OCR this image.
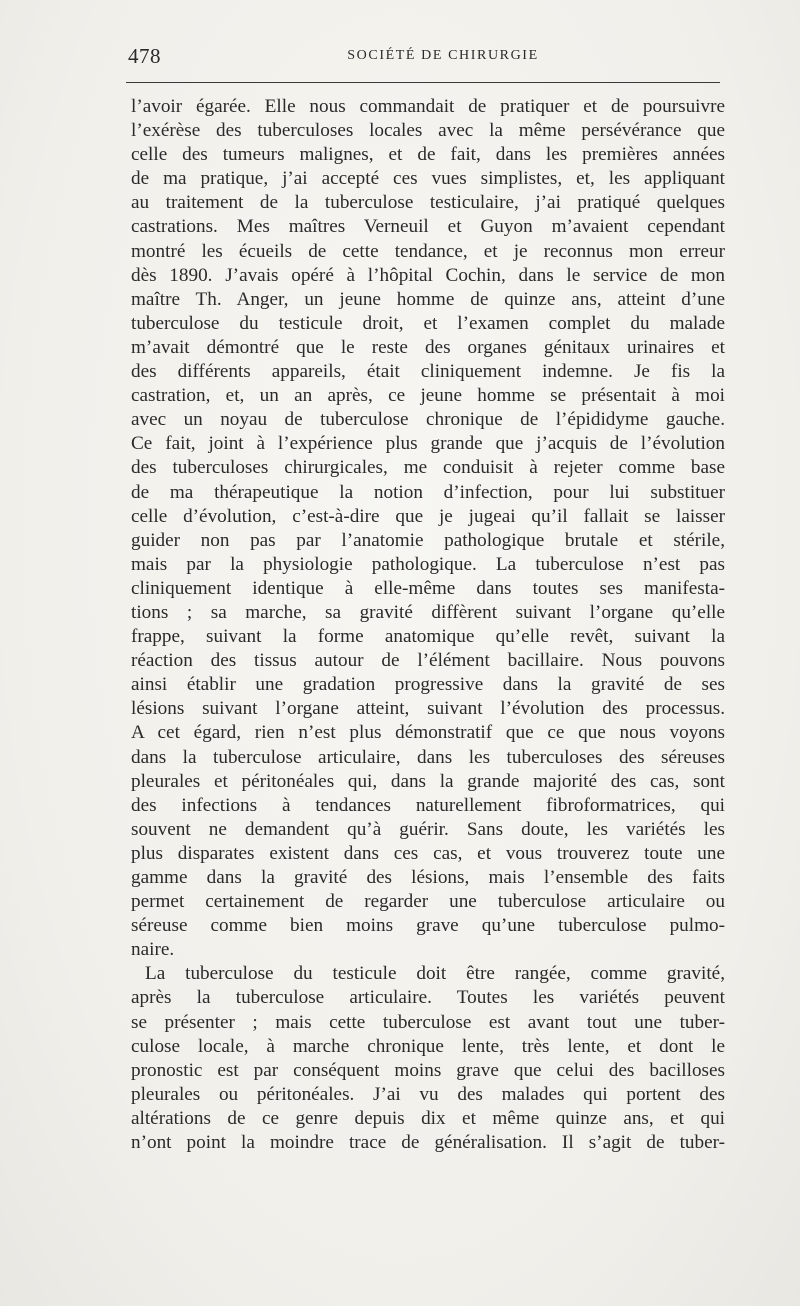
478	SOCIÉTÉ DE CHIRURGIE
l’avoir égarée. Elle nous commandait de pratiquer et de poursuivre
l’exérèse des tuberculoses locales avec la même persévérance que
celle des tumeurs malignes, et de fait, dans les premières années
de ma pratique, j’ai accepté ces vues simplistes, et, les appliquant
au traitement de la tuberculose testiculaire, j’ai pratiqué quelques
castrations. Mes maîtres Verneuil et Guyon m’avaient cependant
montré les écueils de cette tendance, et je reconnus mon erreur
dès 1890. J’avais opéré à l’hôpital Cochin, dans le service de mon
maître Th. Anger, un jeune homme de quinze ans, atteint d’une
tuberculose du testicule droit, et l’examen complet du malade
m’avait démontré que le reste des organes génitaux urinaires et
des différents appareils, était cliniquement indemne. Je fis la
castration, et, un an après, ce jeune homme se présentait à moi
avec un noyau de tuberculose chronique de l’épididyme gauche.
Ce fait, joint à l’expérience plus grande que j’acquis de l’évolution
des tuberculoses chirurgicales, me conduisit à rejeter comme base
de ma thérapeutique la notion d’infection, pour lui substituer
celle d’évolution, c’est-à-dire que je jugeai qu’il fallait se laisser
guider non pas par l’anatomie pathologique brutale et stérile,
mais par la physiologie pathologique. La tuberculose n’est pas
cliniquement identique à elle-même dans toutes ses manifesta-
tions ; sa marche, sa gravité diffèrent suivant l’organe qu’elle
frappe, suivant la forme anatomique qu’elle revêt, suivant la
réaction des tissus autour de l’élément bacillaire. Nous pouvons
ainsi établir une gradation progressive dans la gravité de ses
lésions suivant l’organe atteint, suivant l’évolution des processus.
A cet égard, rien n’est plus démonstratif que ce que nous voyons
dans la tuberculose articulaire, dans les tuberculoses des séreuses
pleurales et péritonéales qui, dans la grande majorité des cas, sont
des infections à tendances naturellement fibroformatrices, qui
souvent ne demandent qu’à guérir. Sans doute, les variétés les
plus disparates existent dans ces cas, et vous trouverez toute une
gamme dans la gravité des lésions, mais l’ensemble des faits
permet certainement de regarder une tuberculose articulaire ou
séreuse comme bien moins grave qu’une tuberculose pulmo-
naire.
La tuberculose du testicule doit être rangée, comme gravité,
après la tuberculose articulaire. Toutes les variétés peuvent
se présenter ; mais cette tuberculose est avant tout une tuber-
culose locale, à marche chronique lente, très lente, et dont le
pronostic est par conséquent moins grave que celui des bacilloses
pleurales ou péritonéales. J’ai vu des malades qui portent des
altérations de ce genre depuis dix et même quinze ans, et qui
n’ont point la moindre trace de généralisation. Il s’agit de tuber-
